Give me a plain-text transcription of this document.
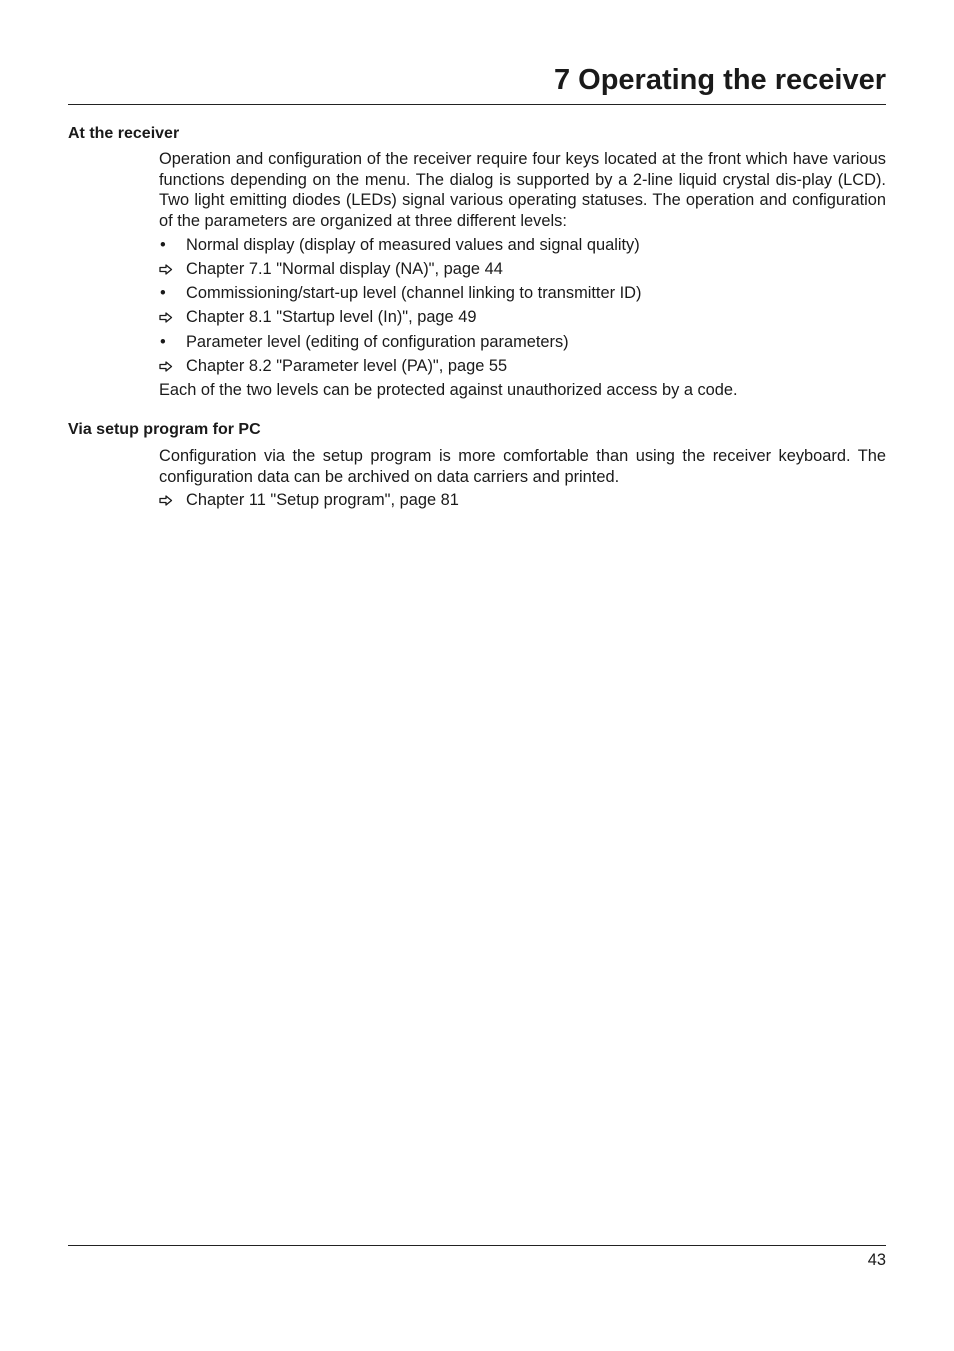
7 Operating the receiver
At the receiver

Operation and configuration of the receiver require four keys located at the front which have various functions depending on the menu. The dialog is supported by a 2-line liquid crystal dis-play (LCD). Two light emitting diodes (LEDs) signal various operating statuses. The operation and configuration of the parameters are organized at three different levels:

•	Normal display (display of measured values and signal quality)
Chapter 7.1 "Normal display (NA)", page 44
•	Commissioning/start-up level (channel linking to transmitter ID)
Chapter 8.1 "Startup level (In)", page 49
•	Parameter level (editing of configuration parameters)
Chapter 8.2 "Parameter level (PA)", page 55

Each of the two levels can be protected against unauthorized access by a code.

Via setup program for PC

Configuration via the setup program is more comfortable than using the receiver keyboard. The configuration data can be archived on data carriers and printed.

Chapter 11 "Setup program", page 81

43
